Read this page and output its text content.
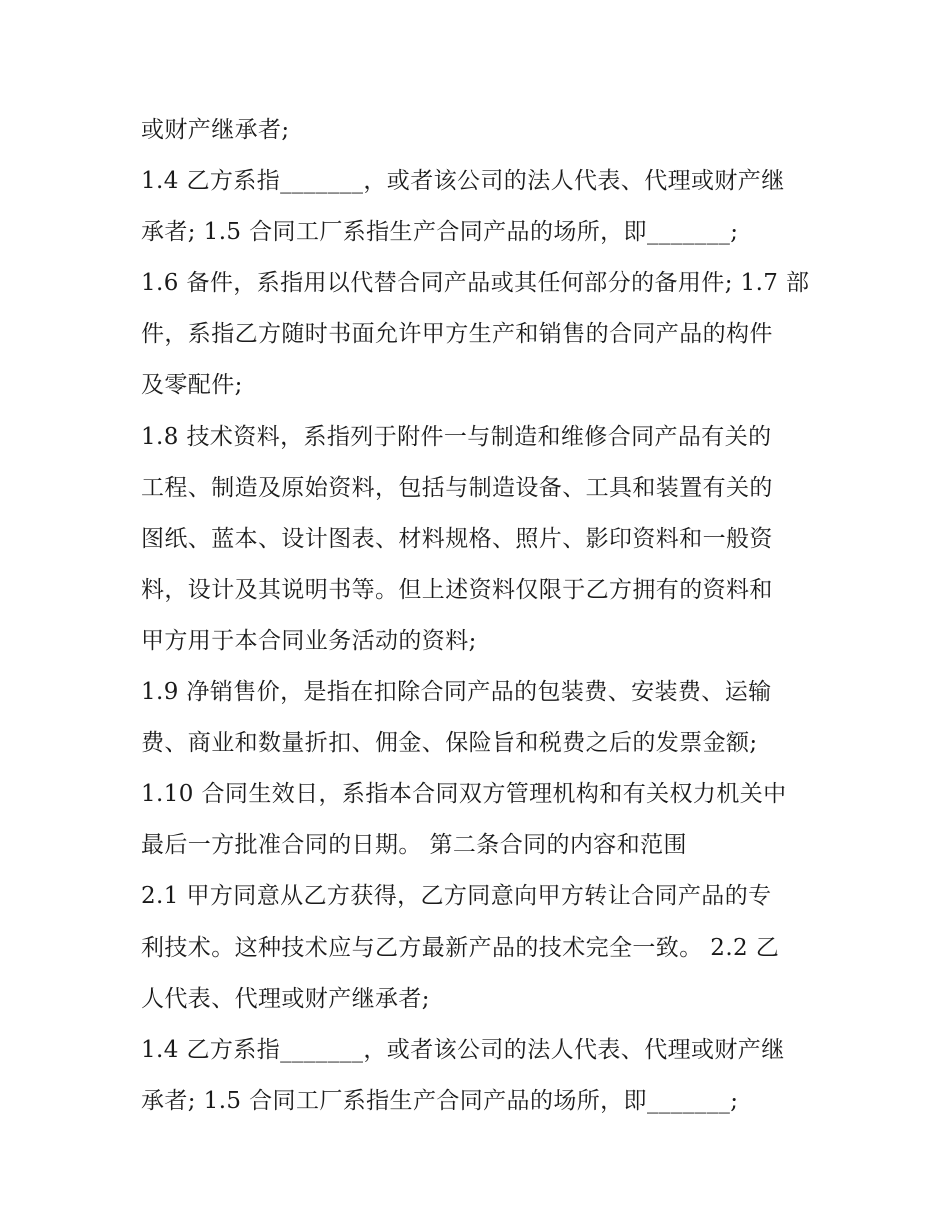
或财产继承者;
1.4 乙方系指_______，或者该公司的法人代表、代理或财产继
承者; 1.5 合同工厂系指生产合同产品的场所，即_______;
1.6 备件，系指用以代替合同产品或其任何部分的备用件; 1.7 部
件，系指乙方随时书面允许甲方生产和销售的合同产品的构件
及零配件;
1.8 技术资料，系指列于附件一与制造和维修合同产品有关的
工程、制造及原始资料，包括与制造设备、工具和装置有关的
图纸、蓝本、设计图表、材料规格、照片、影印资料和一般资
料，设计及其说明书等。但上述资料仅限于乙方拥有的资料和
甲方用于本合同业务活动的资料;
1.9 净销售价，是指在扣除合同产品的包装费、安装费、运输
费、商业和数量折扣、佣金、保险旨和税费之后的发票金额;
1.10 合同生效日，系指本合同双方管理机构和有关权力机关中
最后一方批准合同的日期。 第二条合同的内容和范围
2.1 甲方同意从乙方获得，乙方同意向甲方转让合同产品的专
利技术。这种技术应与乙方最新产品的技术完全一致。 2.2 乙
人代表、代理或财产继承者;
1.4 乙方系指_______，或者该公司的法人代表、代理或财产继
承者; 1.5 合同工厂系指生产合同产品的场所，即_______;
